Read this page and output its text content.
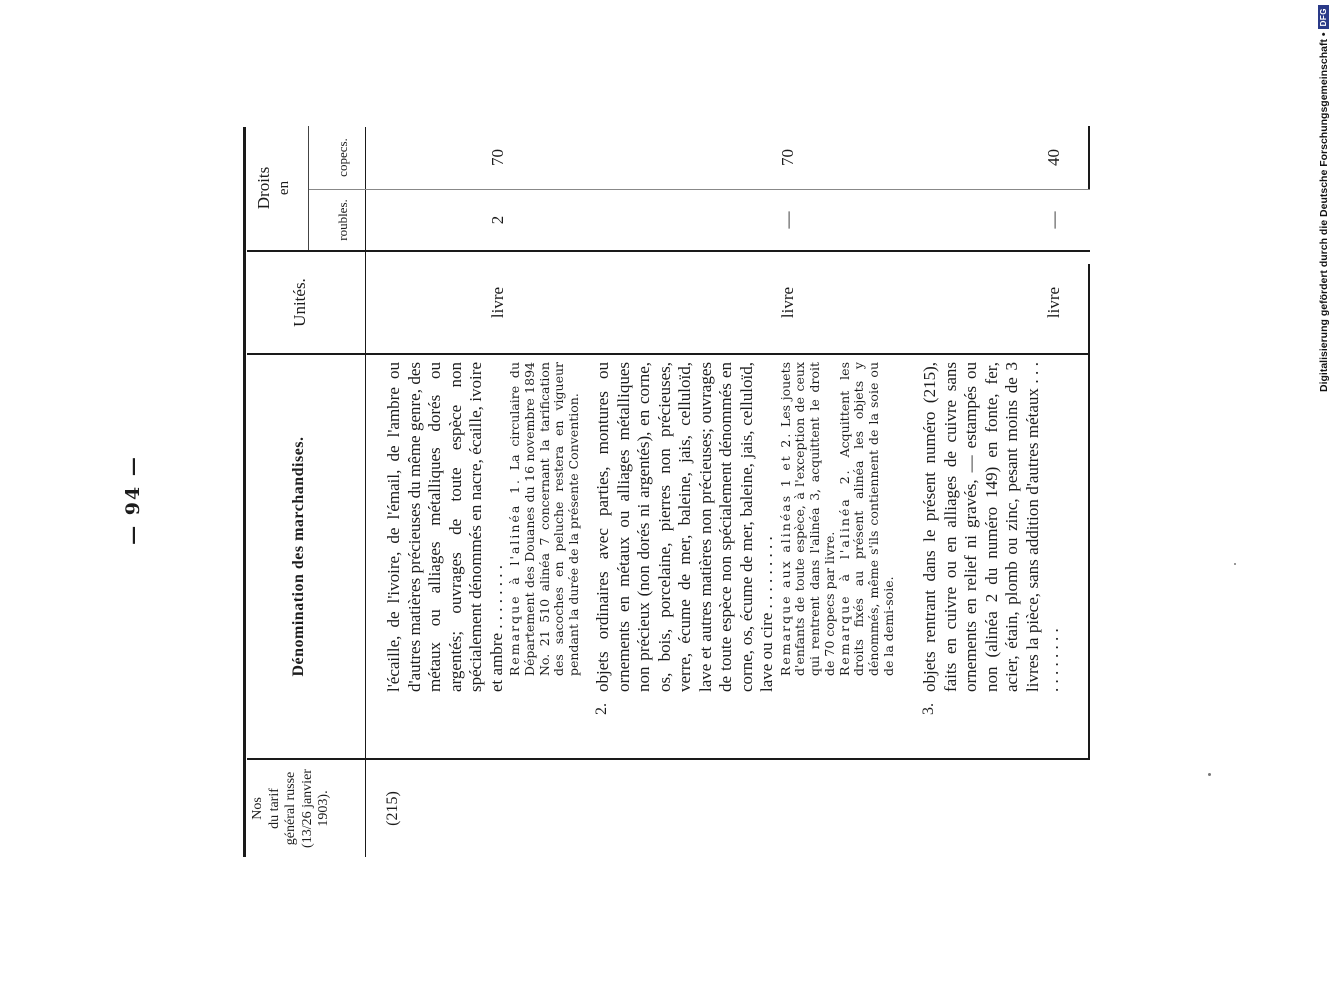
Digitalisierung gefördert durch die Deutsche Forschungsgemeinschaft •DFG
— 94 —
Nos du tarif général russe (13/26 janvier 1903).
Dénomination des marchandises.
Unités.
Droits en
roubles.
copecs.
(215)
l'écaille, de l'ivoire, de l'émail, de l'ambre ou d'autres matières précieuses du même genre, des métaux ou alliages métalliques dorés ou argentés; ouvrages de toute espèce non spécialement dénommés en nacre, écaille, ivoire et ambre . . . . . . . . Remarque à l'alinéa 1. La circulaire du Département des Douanes du 16 novembre 1894 No. 21 510 alinéa 7 concernant la tarification des sacoches en peluche restera en vigueur pendant la durée de la présente Convention.
livre
2
70
2.
objets ordinaires avec parties, montures ou ornements en métaux ou alliages métalliques non précieux (non dorés ni argentés), en corne, os, bois, porcelaine, pierres non précieuses, verre, écume de mer, baleine, jais, celluloïd, lave et autres matières non précieuses; ouvrages de toute espèce non spécialement dénommés en corne, os, écume de mer, baleine, jais, celluloïd, lave ou cire . . . . . . . . . Remarque aux alinéas 1 et 2. Les jouets d'enfants de toute espèce, à l'exception de ceux qui rentrent dans l'alinéa 3, acquittent le droit de 70 copecs par livre. Remarque à l'alinéa 2. Acquittent les droits fixés au présent alinéa les objets y dénommés, même s'ils contiennent de la soie ou de la demi-soie.
livre
—
70
3.
objets rentrant dans le présent numéro (215), faits en cuivre ou en alliages de cuivre sans ornements en relief ni gravés, — estampés ou non (alinéa 2 du numéro 149) en fonte, fer, acier, étain, plomb ou zinc, pesant moins de 3 livres la pièce, sans addition d'autres métaux . . . . . . . . . . .
livre
—
40
